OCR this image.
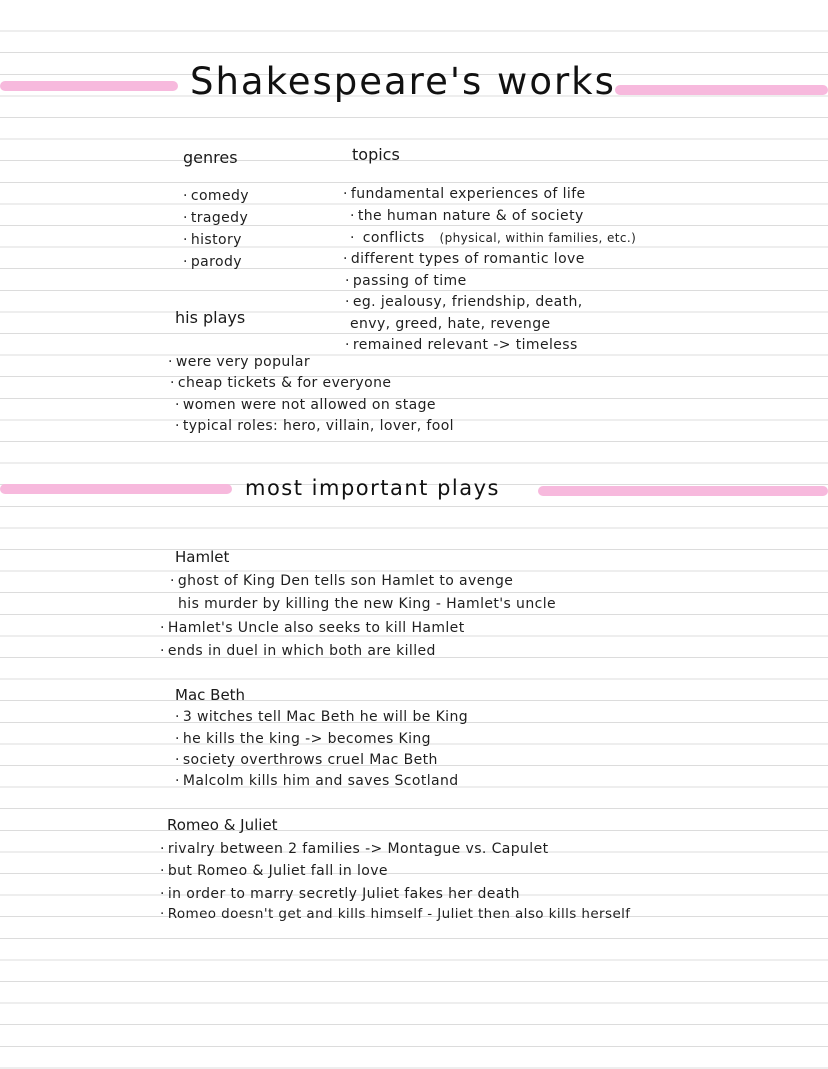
Shakespeare's works
genres
· comedy
· tragedy
· history
· parody
topics
· fundamental experiences of life
· the human nature & of society
· conflicts (physical, within families, etc.)
· different types of romantic love
· passing of time
· eg. jealousy, friendship, death,
envy, greed, hate, revenge
· remained relevant -> timeless
his plays
· were very popular
· cheap tickets & for everyone
· women were not allowed on stage
· typical roles: hero, villain, lover, fool
most important plays
Hamlet
· ghost of King Den tells son Hamlet to avenge
his murder by killing the new King - Hamlet's uncle
· Hamlet's Uncle also seeks to kill Hamlet
· ends in duel in which both are killed
Mac Beth
· 3 witches tell Mac Beth he will be King
· he kills the king -> becomes King
· society overthrows cruel Mac Beth
· Malcolm kills him and saves Scotland
Romeo & Juliet
· rivalry between 2 families -> Montague vs. Capulet
· but Romeo & Juliet fall in love
· in order to marry secretly Juliet fakes her death
· Romeo doesn't get and kills himself - Juliet then also kills herself
